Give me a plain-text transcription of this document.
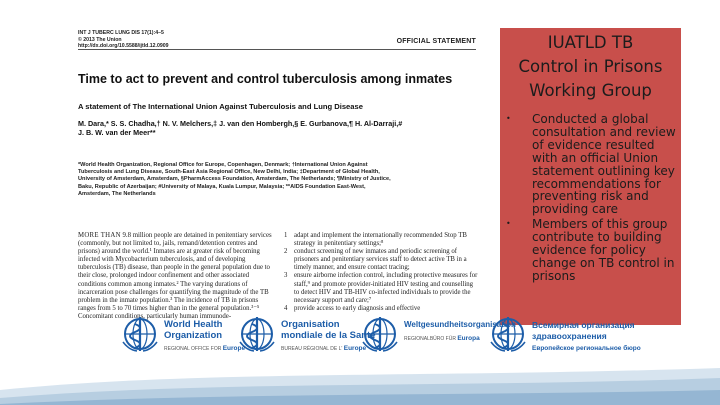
INT J TUBERC LUNG DIS 17(1):4–5
© 2013 The Union
http://dx.doi.org/10.5588/ijtld.12.0909
OFFICIAL STATEMENT
Time to act to prevent and control tuberculosis among inmates
A statement of The International Union Against Tuberculosis and Lung Disease
M. Dara,* S. S. Chadha,† N. V. Melchers,‡ J. van den Hombergh,§ E. Gurbanova,¶ H. Al-Darraji,#
J. B. W. van der Meer**
*World Health Organization, Regional Office for Europe, Copenhagen, Denmark; †International Union Against
Tuberculosis and Lung Disease, South-East Asia Regional Office, New Delhi, India; ‡Department of Global Health,
University of Amsterdam, Amsterdam, §PharmAccess Foundation, Amsterdam, The Netherlands; ¶Ministry of Justice,
Baku, Republic of Azerbaijan; #University of Malaya, Kuala Lumpur, Malaysia; **AIDS Foundation East-West,
Amsterdam, The Netherlands

MORE THAN 9.8 million people are detained in penitentiary services (commonly, but not limited to, jails, remand/detention centres and prisons) around the world.¹ Inmates are at greater risk of becoming infected with Mycobacterium tuberculosis, and of developing tuberculosis (TB) disease, than people in the general population due to their close, prolonged indoor confinement and other associated conditions common among inmates.² The varying durations of incarceration pose challenges for quantifying the magnitude of the TB problem in the inmate population.³ The incidence of TB in prisons ranges from 5 to 70 times higher than in the general population.³⁻⁵ Concomitant conditions, particularly human immunode-

1 adapt and implement the internationally recommended Stop TB strategy in penitentiary settings;⁸
2 conduct screening of new inmates and periodic screening of prisoners and penitentiary services staff to detect active TB in a timely manner, and ensure contact tracing;
3 ensure airborne infection control, including protective measures for staff,⁹ and promote provider-initiated HIV testing and counselling to detect HIV and TB-HIV co-infected individuals to provide the necessary support and care;⁷
4 provide access to early diagnosis and effective
IUATLD TB
Control in Prisons
Working Group
• Conducted a global consultation and review of evidence resulted with an official Union statement outlining key recommendations for preventing risk and providing care
• Members of this group contribute to building evidence for policy change on TB control in prisons
World Health
Organization
REGIONAL OFFICE FOR Europe
Organisation
mondiale de la Santé
BUREAU RÉGIONAL DE L' Europe
Weltgesundheitsorganisation
REGIONALBÜRO FÜR Europa
Всемирная организация
здравоохранения
Европейское региональное бюро
